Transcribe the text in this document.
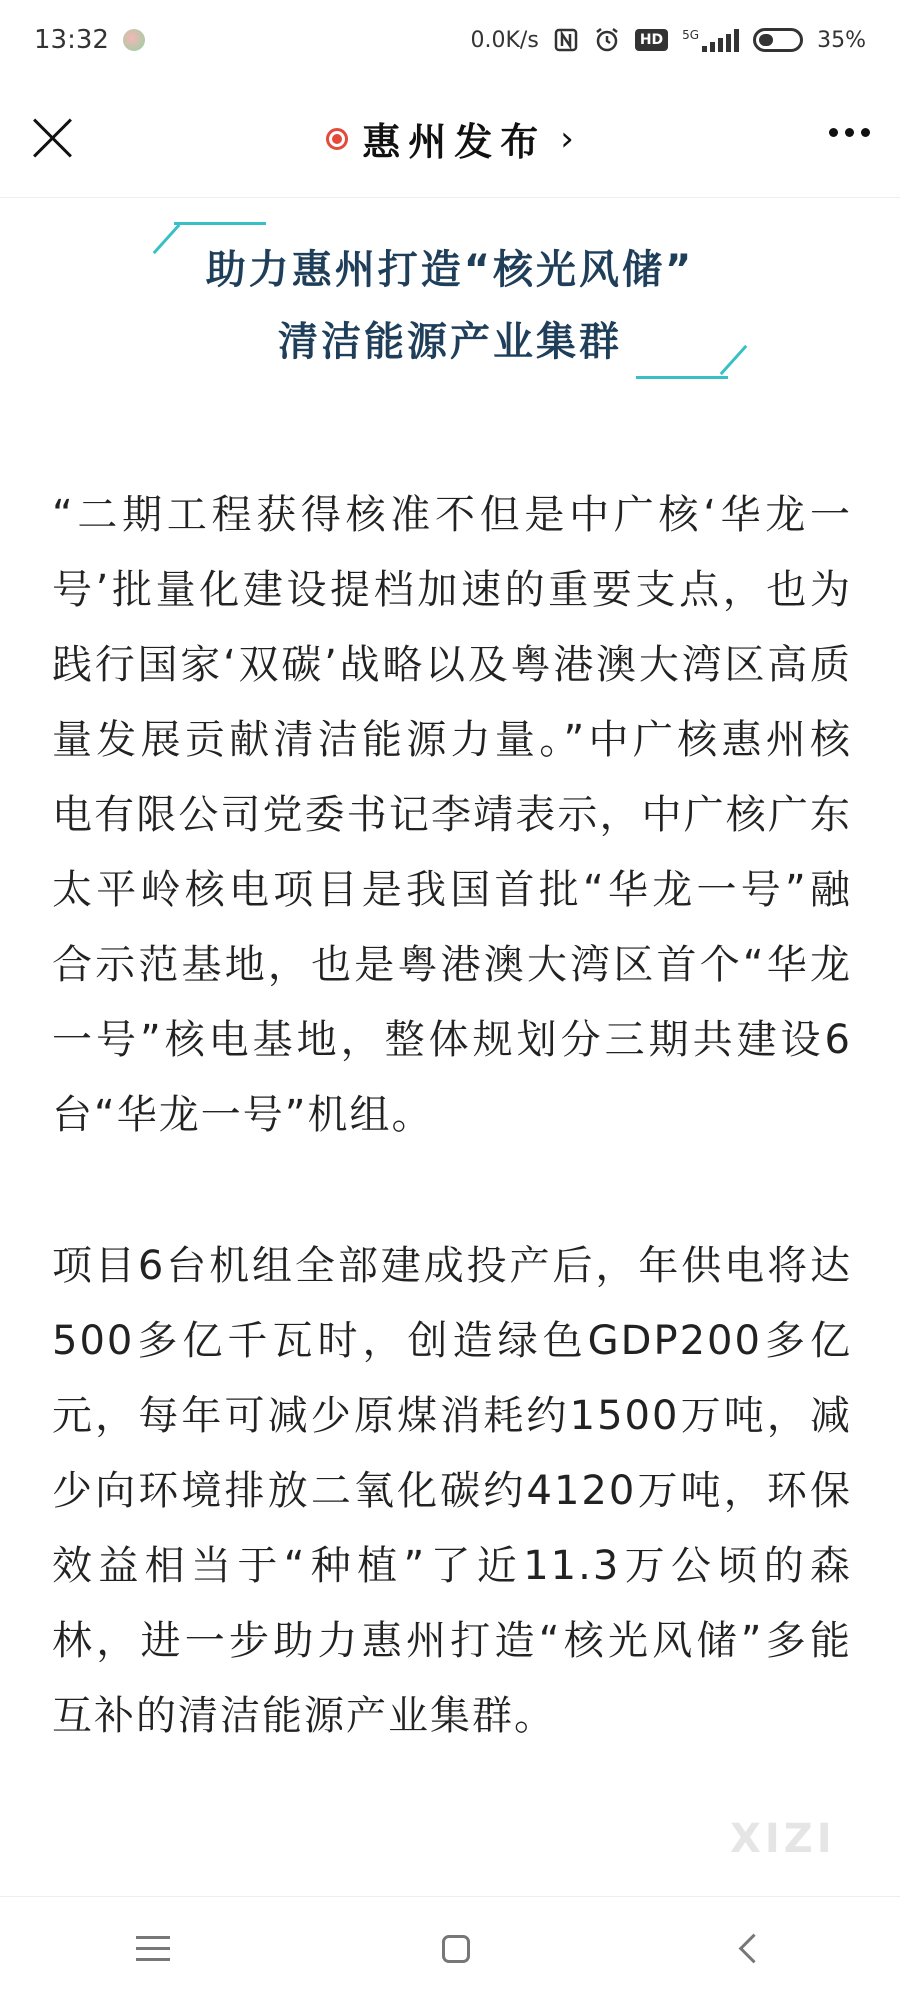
13:32	0.0K/s	HD	5G	35%
惠州发布 ›
助力惠州打造“核光风储”
清洁能源产业集群

“二期工程获得核准不但是中广核‘华龙一号’批量化建设提档加速的重要支点，也为践行国家‘双碳’战略以及粤港澳大湾区高质量发展贡献清洁能源力量。”中广核惠州核电有限公司党委书记李靖表示，中广核广东太平岭核电项目是我国首批“华龙一号”融合示范基地，也是粤港澳大湾区首个“华龙一号”核电基地，整体规划分三期共建设6台“华龙一号”机组。

项目6台机组全部建成投产后，年供电将达500多亿千瓦时，创造绿色GDP200多亿元，每年可减少原煤消耗约1500万吨，减少向环境排放二氧化碳约4120万吨，环保效益相当于“种植”了近11.3万公顷的森林，进一步助力惠州打造“核光风储”多能互补的清洁能源产业集群。

XIZI
